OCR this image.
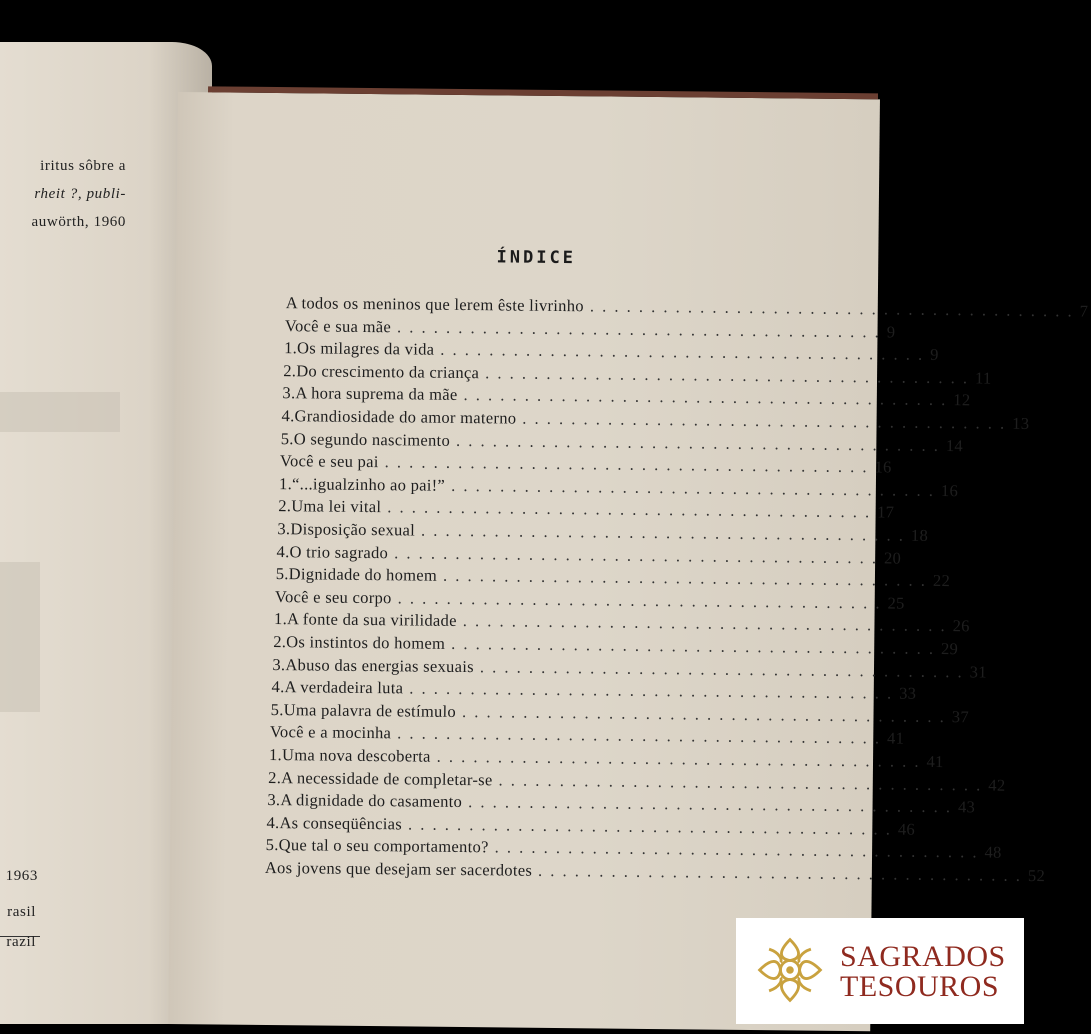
iritus sôbre a
rheit ?, publi-
auwörth, 1960
1963
rasil
razil
ÍNDICE
A todos os meninos que lerem êste livrinho . . . . . . . . . . . . . . . . . . . . . . . . . . . . . . . . . . . . . . . . 7
Você e sua mãe . . . . . . . . . . . . . . . . . . . . . . . . . . . . . . . . . . . . . . . . 9
1. Os milagres da vida . . . . . . . . . . . . . . . . . . . . . . . . . . . . . . . . . . . . . . . . 9
2. Do crescimento da criança . . . . . . . . . . . . . . . . . . . . . . . . . . . . . . . . . . . . . . . . 11
3. A hora suprema da mãe . . . . . . . . . . . . . . . . . . . . . . . . . . . . . . . . . . . . . . . . 12
4. Grandiosidade do amor materno . . . . . . . . . . . . . . . . . . . . . . . . . . . . . . . . . . . . . . . . 13
5. O segundo nascimento . . . . . . . . . . . . . . . . . . . . . . . . . . . . . . . . . . . . . . . . 14
Você e seu pai . . . . . . . . . . . . . . . . . . . . . . . . . . . . . . . . . . . . . . . . 16
1. “...igualzinho ao pai!” . . . . . . . . . . . . . . . . . . . . . . . . . . . . . . . . . . . . . . . . 16
2. Uma lei vital . . . . . . . . . . . . . . . . . . . . . . . . . . . . . . . . . . . . . . . . 17
3. Disposição sexual . . . . . . . . . . . . . . . . . . . . . . . . . . . . . . . . . . . . . . . . 18
4. O trio sagrado . . . . . . . . . . . . . . . . . . . . . . . . . . . . . . . . . . . . . . . . 20
5. Dignidade do homem . . . . . . . . . . . . . . . . . . . . . . . . . . . . . . . . . . . . . . . . 22
Você e seu corpo . . . . . . . . . . . . . . . . . . . . . . . . . . . . . . . . . . . . . . . . 25
1. A fonte da sua virilidade . . . . . . . . . . . . . . . . . . . . . . . . . . . . . . . . . . . . . . . . 26
2. Os instintos do homem . . . . . . . . . . . . . . . . . . . . . . . . . . . . . . . . . . . . . . . . 29
3. Abuso das energias sexuais . . . . . . . . . . . . . . . . . . . . . . . . . . . . . . . . . . . . . . . . 31
4. A verdadeira luta . . . . . . . . . . . . . . . . . . . . . . . . . . . . . . . . . . . . . . . . 33
5. Uma palavra de estímulo . . . . . . . . . . . . . . . . . . . . . . . . . . . . . . . . . . . . . . . . 37
Você e a mocinha . . . . . . . . . . . . . . . . . . . . . . . . . . . . . . . . . . . . . . . . 41
1. Uma nova descoberta . . . . . . . . . . . . . . . . . . . . . . . . . . . . . . . . . . . . . . . . 41
2. A necessidade de completar-se . . . . . . . . . . . . . . . . . . . . . . . . . . . . . . . . . . . . . . . . 42
3. A dignidade do casamento . . . . . . . . . . . . . . . . . . . . . . . . . . . . . . . . . . . . . . . . 43
4. As conseqüências . . . . . . . . . . . . . . . . . . . . . . . . . . . . . . . . . . . . . . . . 46
5. Que tal o seu comportamento? . . . . . . . . . . . . . . . . . . . . . . . . . . . . . . . . . . . . . . . . 48
Aos jovens que desejam ser sacerdotes . . . . . . . . . . . . . . . . . . . . . . . . . . . . . . . . . . . . . . . . 52
SAGRADOS
TESOUROS
